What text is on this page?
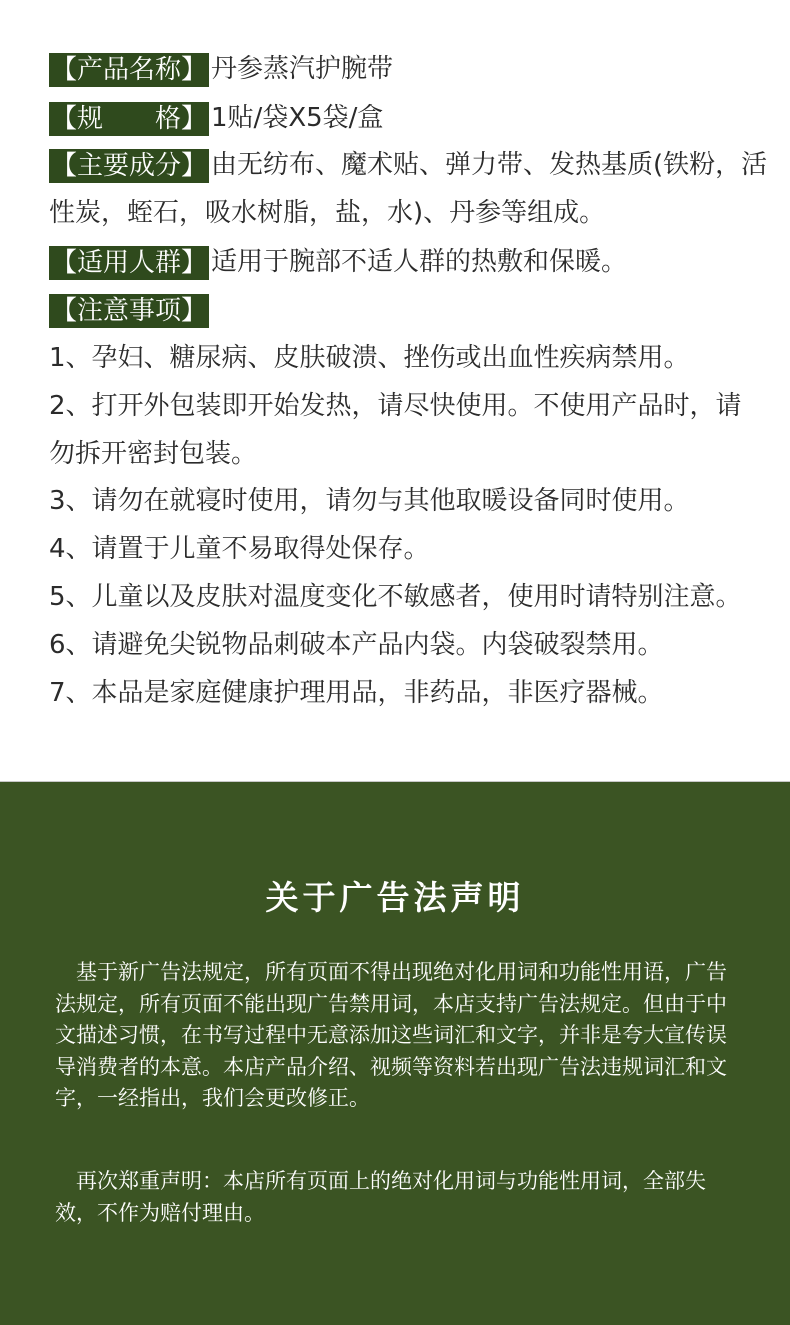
【产品名称】 丹参蒸汽护腕带

【规　　格】 1贴/袋X5袋/盒

【主要成分】 由无纺布、魔术贴、弹力带、发热基质(铁粉，活

性炭，蛭石，吸水树脂，盐，水)、丹参等组成。

【适用人群】 适用于腕部不适人群的热敷和保暖。

【注意事项】

1、孕妇、糖尿病、皮肤破溃、挫伤或出血性疾病禁用。

2、打开外包装即开始发热，请尽快使用。不使用产品时，请

勿拆开密封包装。

3、请勿在就寝时使用，请勿与其他取暖设备同时使用。

4、请置于儿童不易取得处保存。

5、儿童以及皮肤对温度变化不敏感者，使用时请特别注意。

6、请避免尖锐物品刺破本产品内袋。内袋破裂禁用。

7、本品是家庭健康护理用品，非药品，非医疗器械。

关于广告法声明

　基于新广告法规定，所有页面不得出现绝对化用词和功能性用语，广告法规定，所有页面不能出现广告禁用词，本店支持广告法规定。但由于中文描述习惯，在书写过程中无意添加这些词汇和文字，并非是夸大宣传误导消费者的本意。本店产品介绍、视频等资料若出现广告法违规词汇和文字，一经指出，我们会更改修正。

　再次郑重声明：本店所有页面上的绝对化用词与功能性用词，全部失效，不作为赔付理由。
